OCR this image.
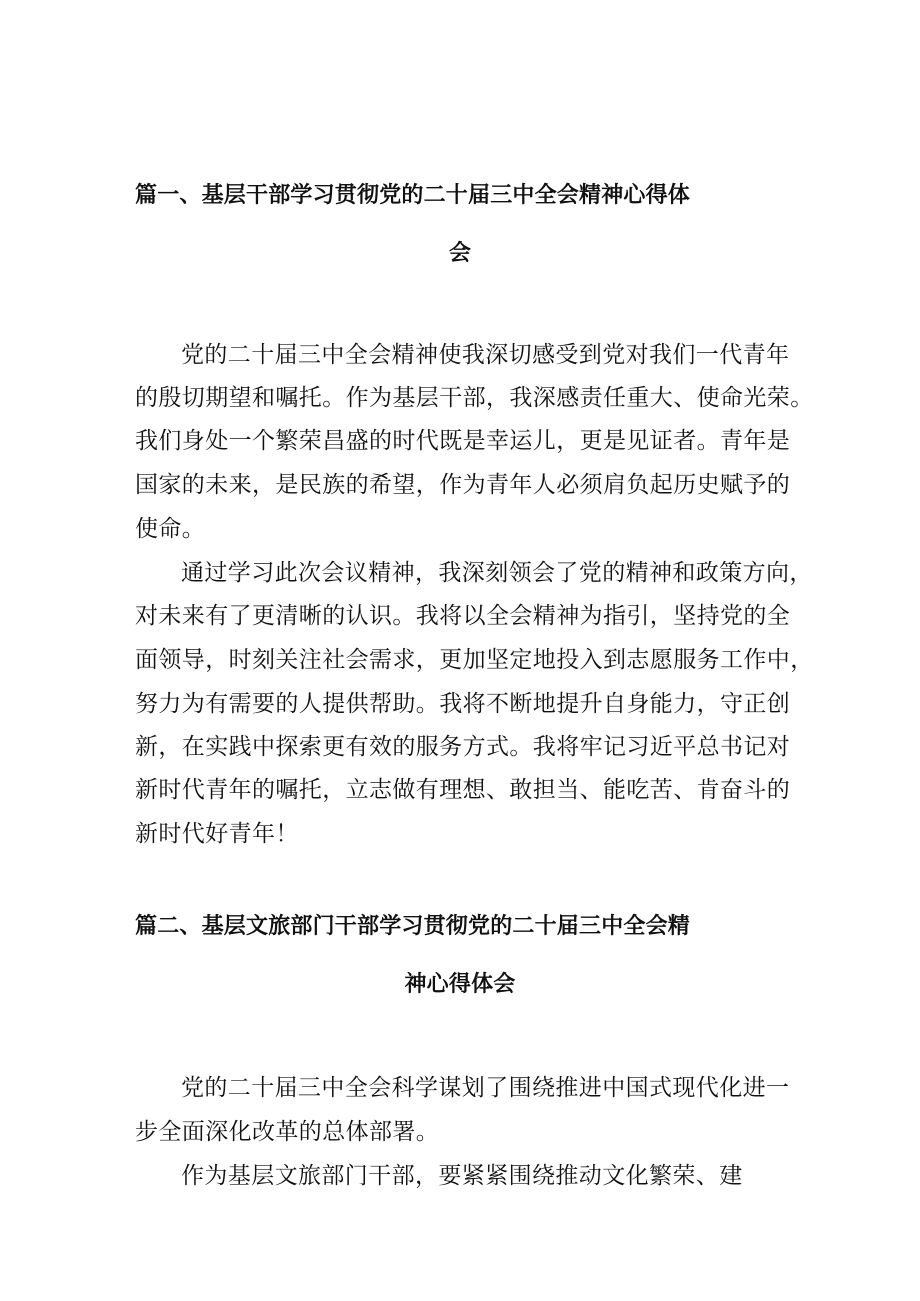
篇一、基层干部学习贯彻党的二十届三中全会精神心得体
会
党的二十届三中全会精神使我深切感受到党对我们一代青年
的殷切期望和嘱托。作为基层干部，我深感责任重大、使命光荣。
我们身处一个繁荣昌盛的时代既是幸运儿，更是见证者。青年是
国家的未来，是民族的希望，作为青年人必须肩负起历史赋予的
使命。
通过学习此次会议精神，我深刻领会了党的精神和政策方向，
对未来有了更清晰的认识。我将以全会精神为指引，坚持党的全
面领导，时刻关注社会需求，更加坚定地投入到志愿服务工作中，
努力为有需要的人提供帮助。我将不断地提升自身能力，守正创
新，在实践中探索更有效的服务方式。我将牢记习近平总书记对
新时代青年的嘱托，立志做有理想、敢担当、能吃苦、肯奋斗的
新时代好青年！
篇二、基层文旅部门干部学习贯彻党的二十届三中全会精
神心得体会
党的二十届三中全会科学谋划了围绕推进中国式现代化进一
步全面深化改革的总体部署。
作为基层文旅部门干部，要紧紧围绕推动文化繁荣、建
